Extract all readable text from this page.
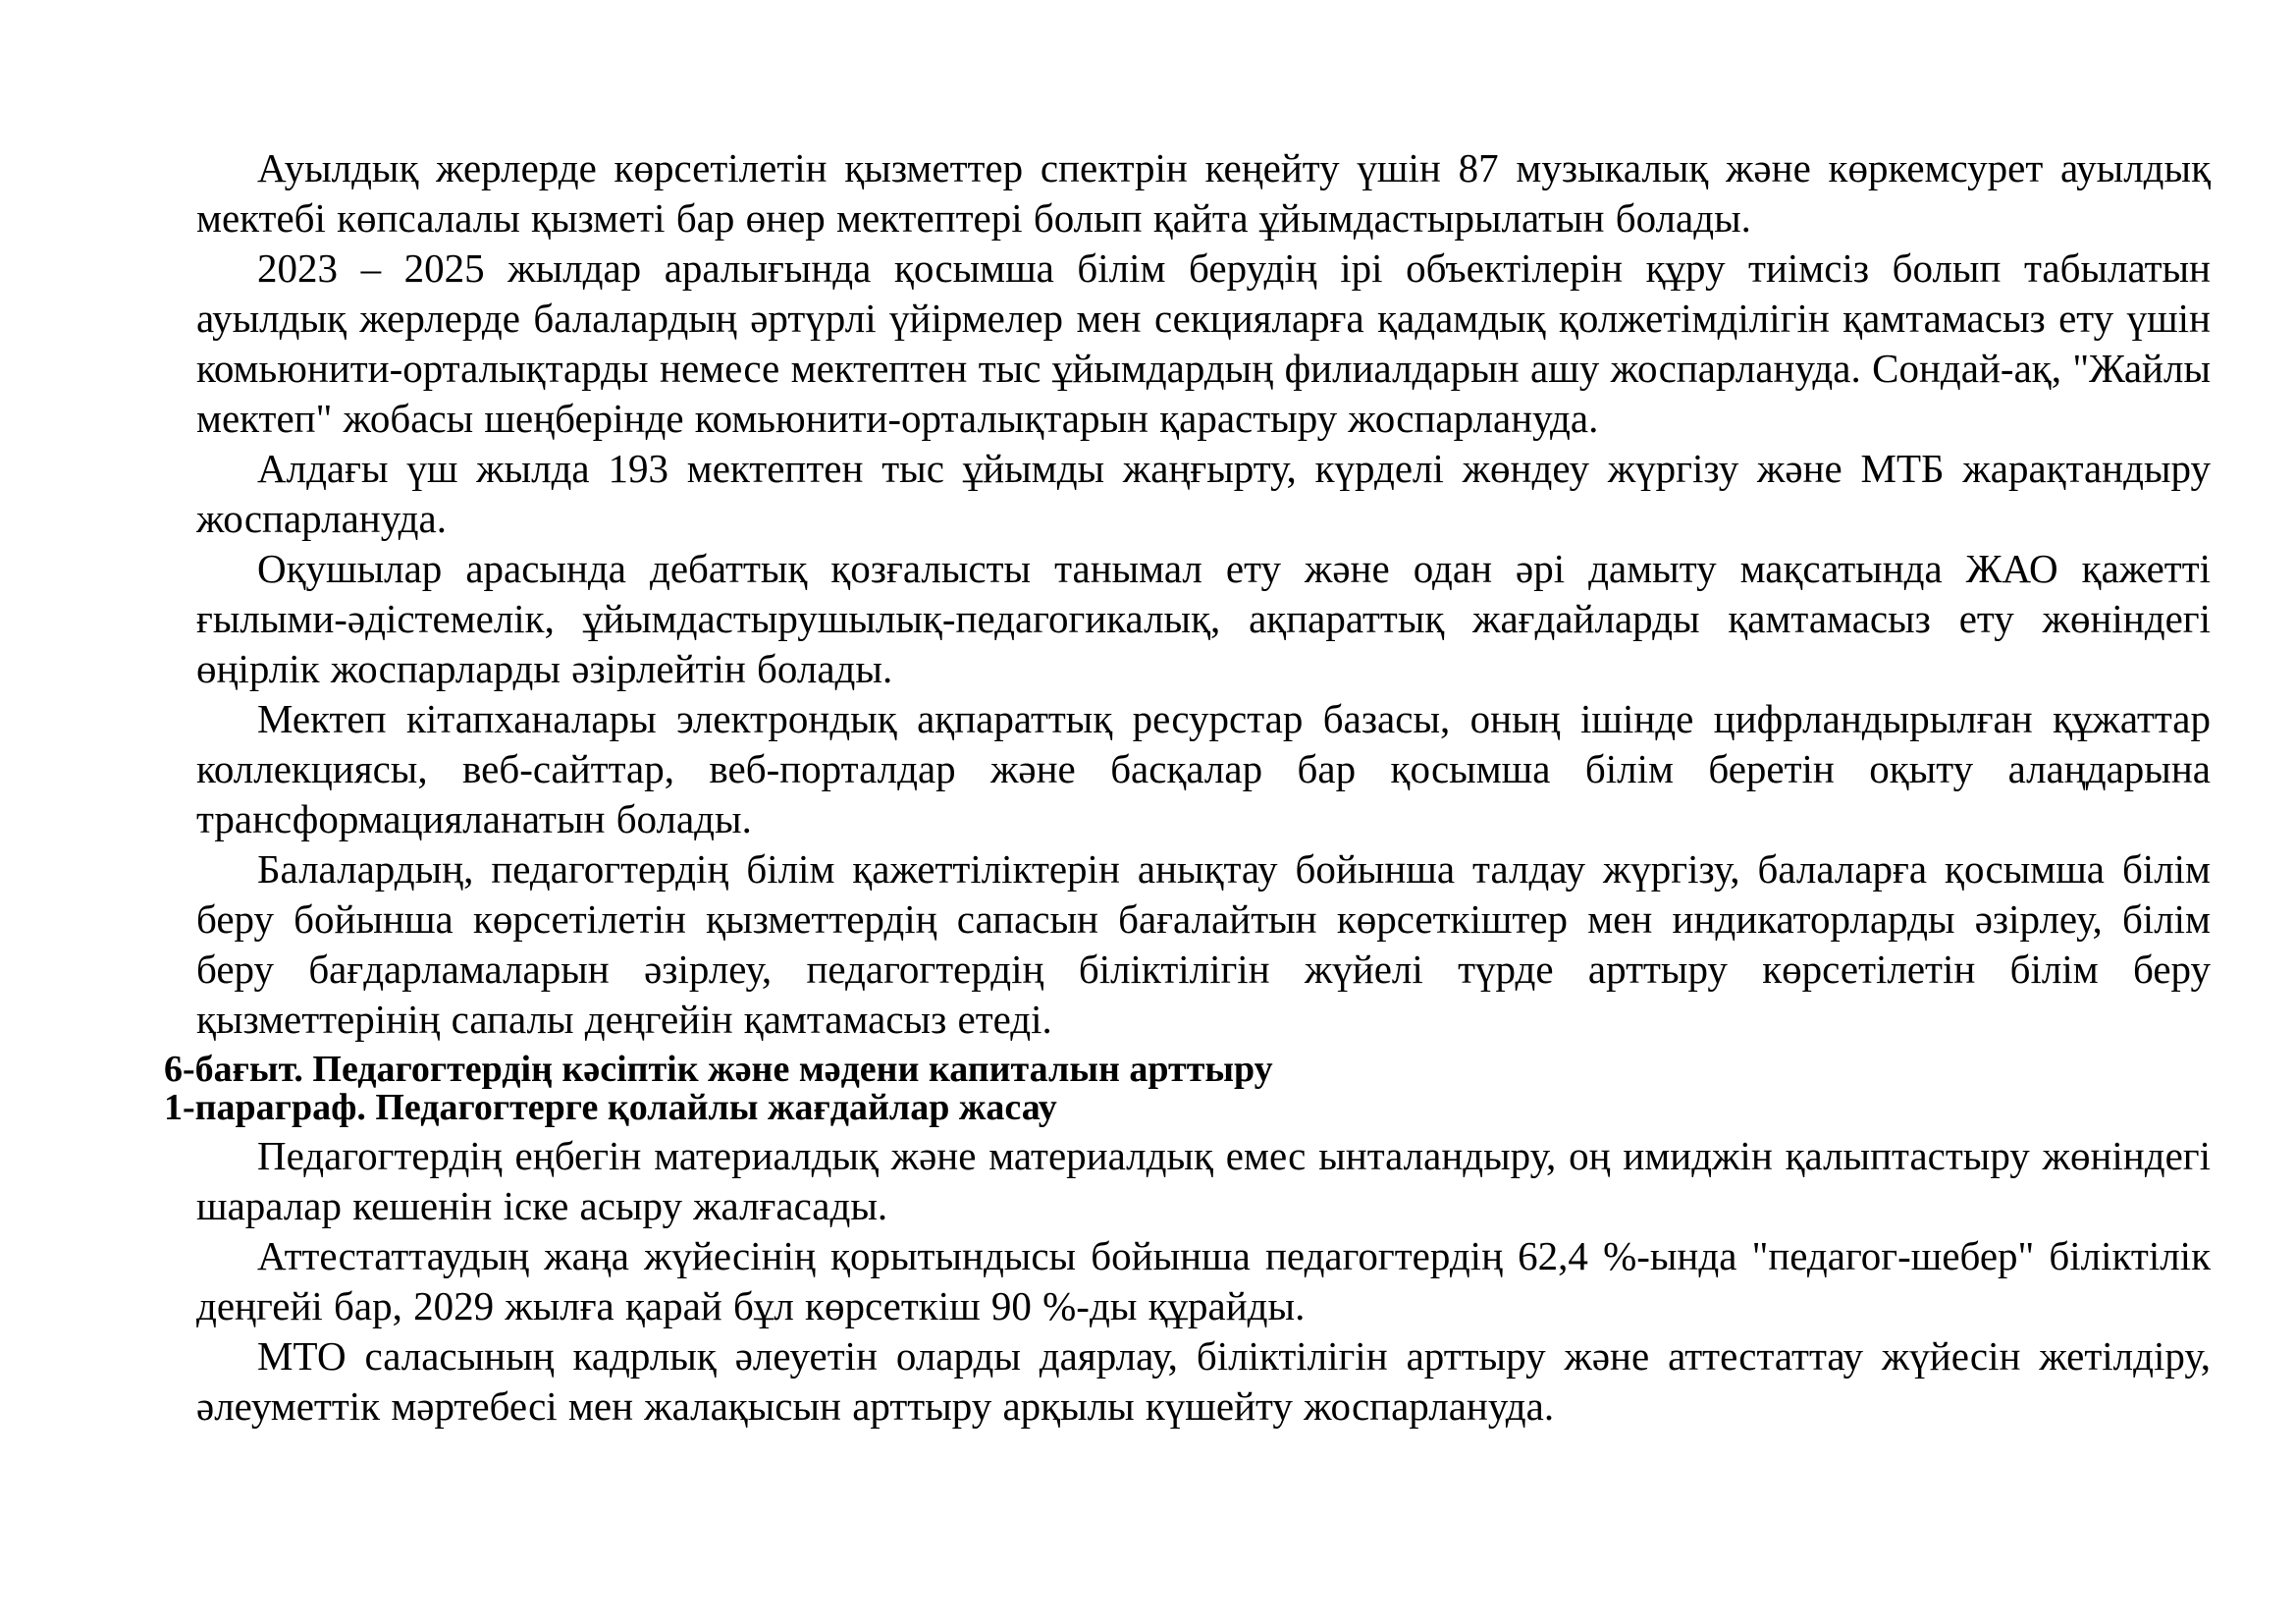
Ауылдық жерлерде көрсетілетін қызметтер спектрін кеңейту үшін 87 музыкалық және көркемсурет ауылдық мектебі көпсалалы қызметі бар өнер мектептері болып қайта ұйымдастырылатын болады.

2023 – 2025 жылдар аралығында қосымша білім берудің ірі объектілерін құру тиімсіз болып табылатын ауылдық жерлерде балалардың әртүрлі үйірмелер мен секцияларға қадамдық қолжетімділігін қамтамасыз ету үшін комьюнити-орталықтарды немесе мектептен тыс ұйымдардың филиалдарын ашу жоспарлануда. Сондай-ақ, "Жайлы мектеп" жобасы шеңберінде комьюнити-орталықтарын қарастыру жоспарлануда.

Алдағы үш жылда 193 мектептен тыс ұйымды жаңғырту, күрделі жөндеу жүргізу және МТБ жарақтандыру жоспарлануда.

Оқушылар арасында дебаттық қозғалысты танымал ету және одан әрі дамыту мақсатында ЖАО қажетті ғылыми-әдістемелік, ұйымдастырушылық-педагогикалық, ақпараттық жағдайларды қамтамасыз ету жөніндегі өңірлік жоспарларды әзірлейтін болады.

Мектеп кітапханалары электрондық ақпараттық ресурстар базасы, оның ішінде цифрландырылған құжаттар коллекциясы, веб-сайттар, веб-порталдар және басқалар бар қосымша білім беретін оқыту алаңдарына трансформацияланатын болады.

Балалардың, педагогтердің білім қажеттіліктерін анықтау бойынша талдау жүргізу, балаларға қосымша білім беру бойынша көрсетілетін қызметтердің сапасын бағалайтын көрсеткіштер мен индикаторларды әзірлеу, білім беру бағдарламаларын әзірлеу, педагогтердің біліктілігін жүйелі түрде арттыру көрсетілетін білім беру қызметтерінің сапалы деңгейін қамтамасыз етеді.

6-бағыт. Педагогтердің кәсіптік және мәдени капиталын арттыру

1-параграф. Педагогтерге қолайлы жағдайлар жасау

Педагогтердің еңбегін материалдық және материалдық емес ынталандыру, оң имиджін қалыптастыру жөніндегі шаралар кешенін іске асыру жалғасады.

Аттестаттаудың жаңа жүйесінің қорытындысы бойынша педагогтердің 62,4 %-ында "педагог-шебер" біліктілік деңгейі бар, 2029 жылға қарай бұл көрсеткіш 90 %-ды құрайды.

МТО саласының кадрлық әлеуетін оларды даярлау, біліктілігін арттыру және аттестаттау жүйесін жетілдіру, әлеуметтік мәртебесі мен жалақысын арттыру арқылы күшейту жоспарлануда.
